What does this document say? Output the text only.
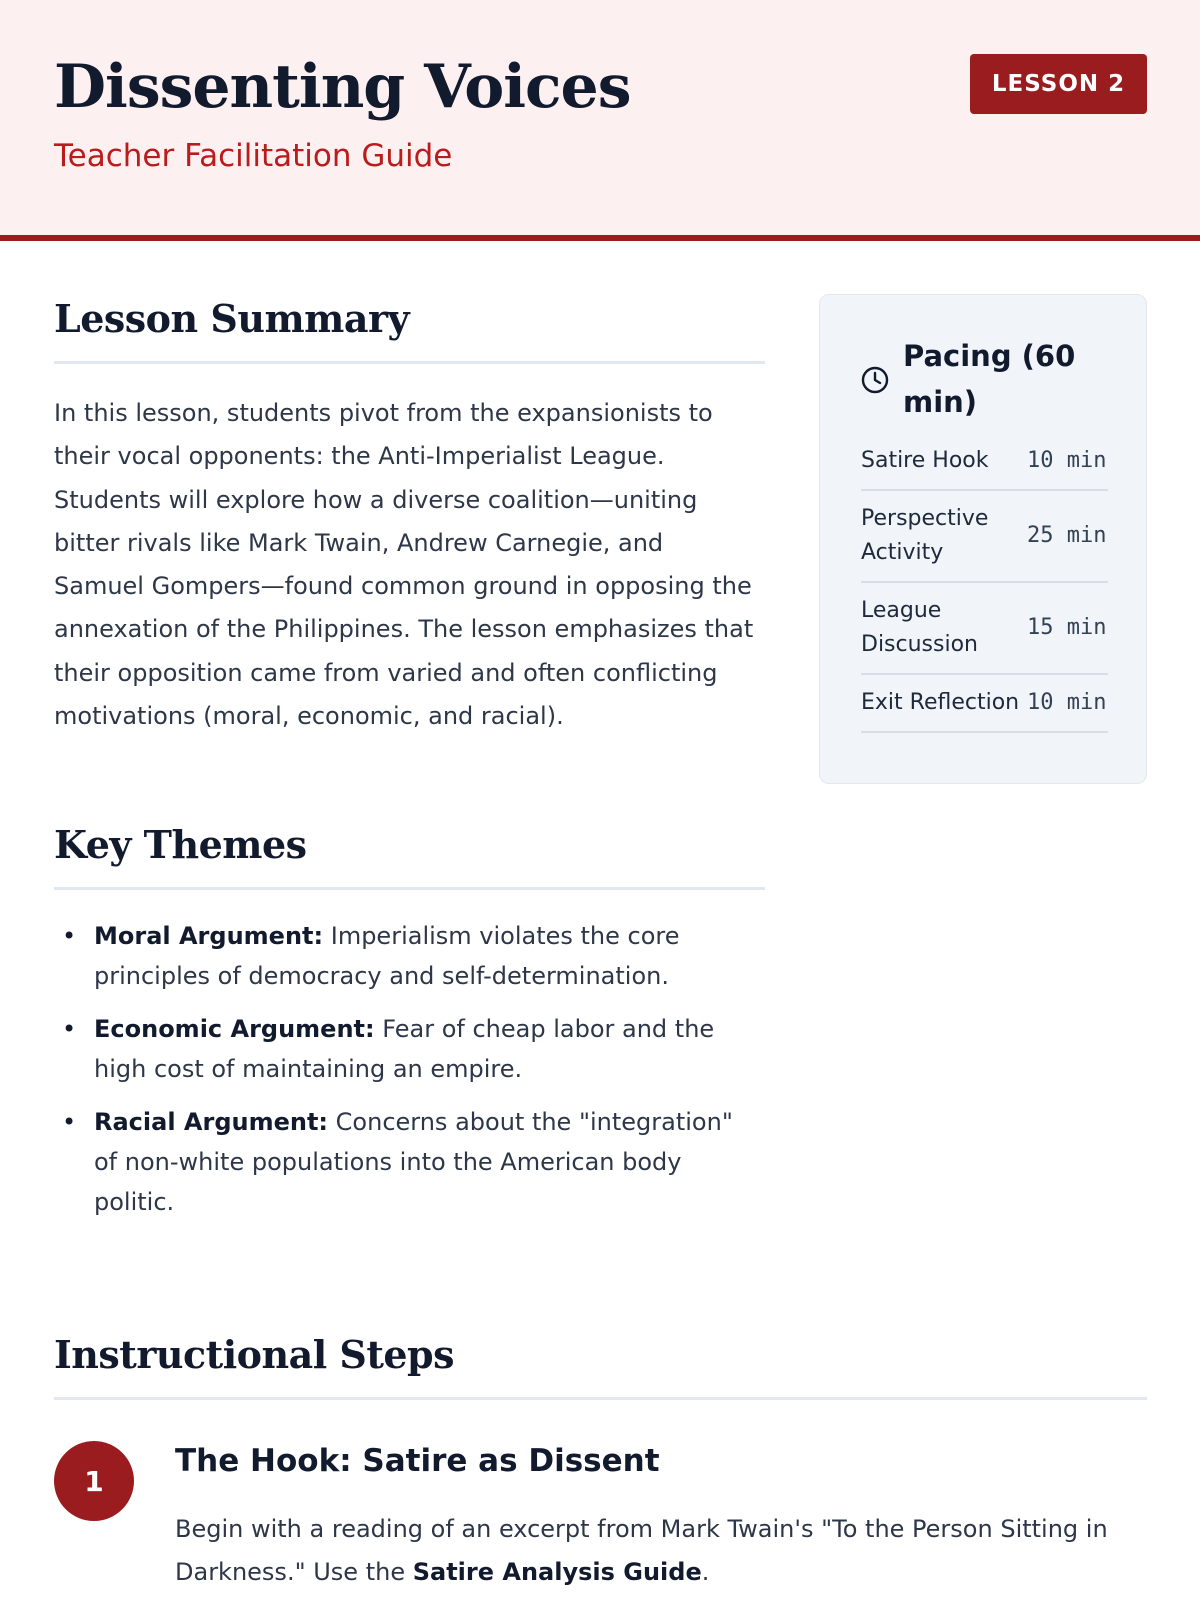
Dissenting Voices
Teacher Facilitation Guide
LESSON 2
Lesson Summary
In this lesson, students pivot from the expansionists to their vocal opponents: the Anti-Imperialist League. Students will explore how a diverse coalition—uniting bitter rivals like Mark Twain, Andrew Carnegie, and Samuel Gompers—found common ground in opposing the annexation of the Philippines. The lesson emphasizes that their opposition came from varied and often conflicting motivations (moral, economic, and racial).
Key Themes
• Moral Argument: Imperialism violates the core principles of democracy and self-determination.
• Economic Argument: Fear of cheap labor and the high cost of maintaining an empire.
• Racial Argument: Concerns about the "integration" of non-white populations into the American body politic.
Pacing (60 min)
Satire Hook	10 min
Perspective Activity	25 min
League Discussion	15 min
Exit Reflection	10 min
Instructional Steps
1
The Hook: Satire as Dissent
Begin with a reading of an excerpt from Mark Twain's "To the Person Sitting in Darkness." Use the Satire Analysis Guide.
